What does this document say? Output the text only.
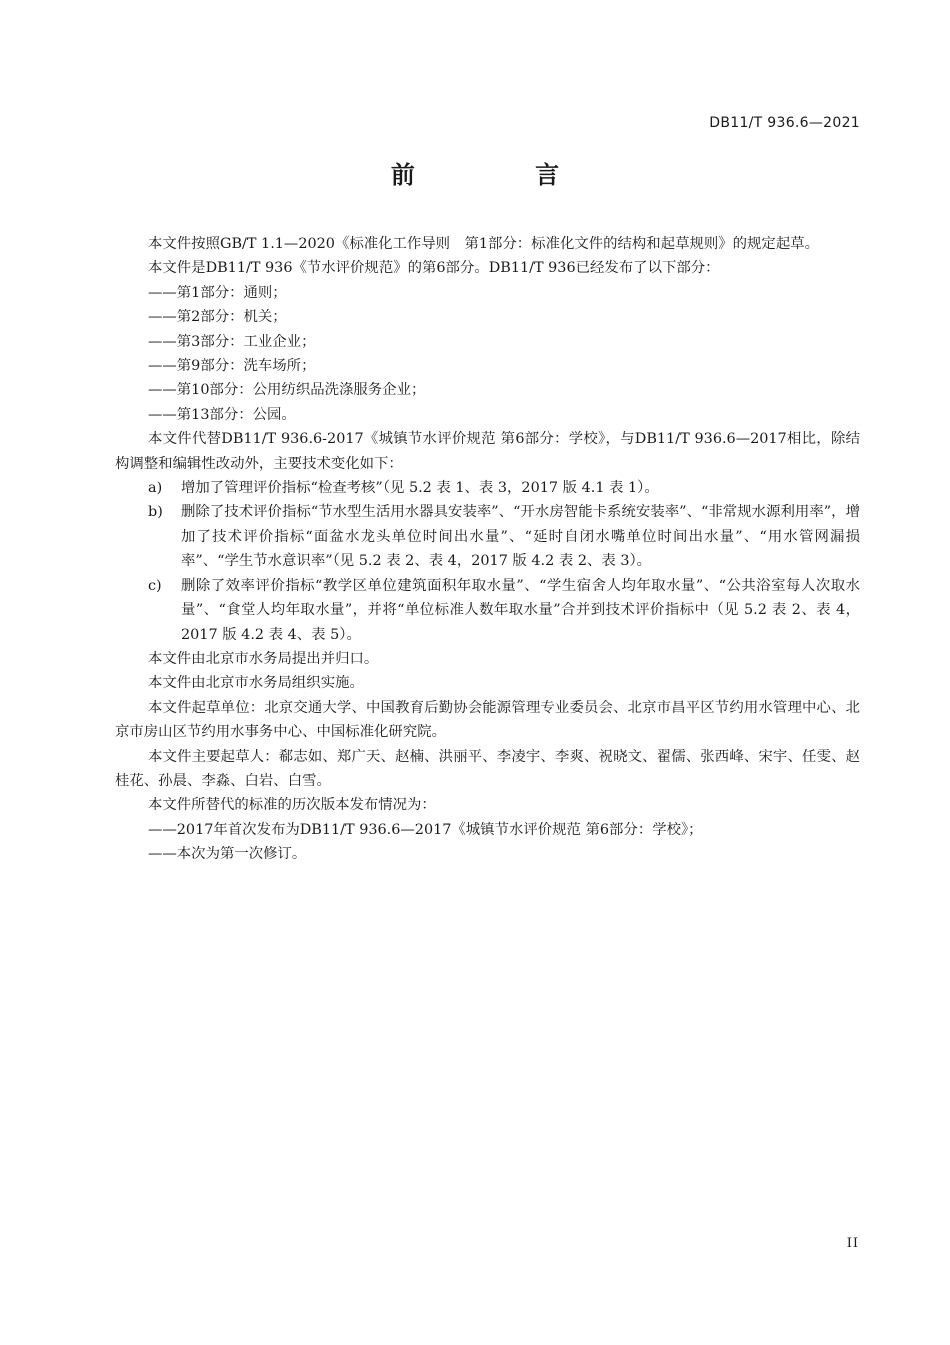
DB11/T 936.6—2021
前 言

本文件按照GB/T 1.1—2020《标准化工作导则　第1部分：标准化文件的结构和起草规则》的规定起草。

本文件是DB11/T 936《节水评价规范》的第6部分。DB11/T 936已经发布了以下部分：

——第1部分：通则；

——第2部分：机关；

——第3部分：工业企业；

——第9部分：洗车场所；

——第10部分：公用纺织品洗涤服务企业；

——第13部分：公园。

本文件代替DB11/T 936.6-2017《城镇节水评价规范 第6部分：学校》，与DB11/T 936.6—2017相比，除结构调整和编辑性改动外，主要技术变化如下：

a)	增加了管理评价指标“检查考核”（见 5.2 表 1、表 3，2017 版 4.1 表 1）。
b)	删除了技术评价指标“节水型生活用水器具安装率”、“开水房智能卡系统安装率”、“非常规水源利用率”，增加了技术评价指标“面盆水龙头单位时间出水量”、“延时自闭水嘴单位时间出水量”、“用水管网漏损率”、“学生节水意识率”（见 5.2 表 2、表 4，2017 版 4.2 表 2、表 3）。
c)	删除了效率评价指标“教学区单位建筑面积年取水量”、“学生宿舍人均年取水量”、“公共浴室每人次取水量”、“食堂人均年取水量”，并将“单位标准人数年取水量”合并到技术评价指标中（见 5.2 表 2、表 4，2017 版 4.2 表 4、表 5）。

本文件由北京市水务局提出并归口。

本文件由北京市水务局组织实施。

本文件起草单位：北京交通大学、中国教育后勤协会能源管理专业委员会、北京市昌平区节约用水管理中心、北京市房山区节约用水事务中心、中国标准化研究院。

本文件主要起草人：郗志如、郑广天、赵楠、洪丽平、李凌宇、李爽、祝晓文、翟儒、张西峰、宋宇、任雯、赵桂花、孙晨、李淼、白岩、白雪。

本文件所替代的标准的历次版本发布情况为：

——2017年首次发布为DB11/T 936.6—2017《城镇节水评价规范 第6部分：学校》；

——本次为第一次修订。

II
